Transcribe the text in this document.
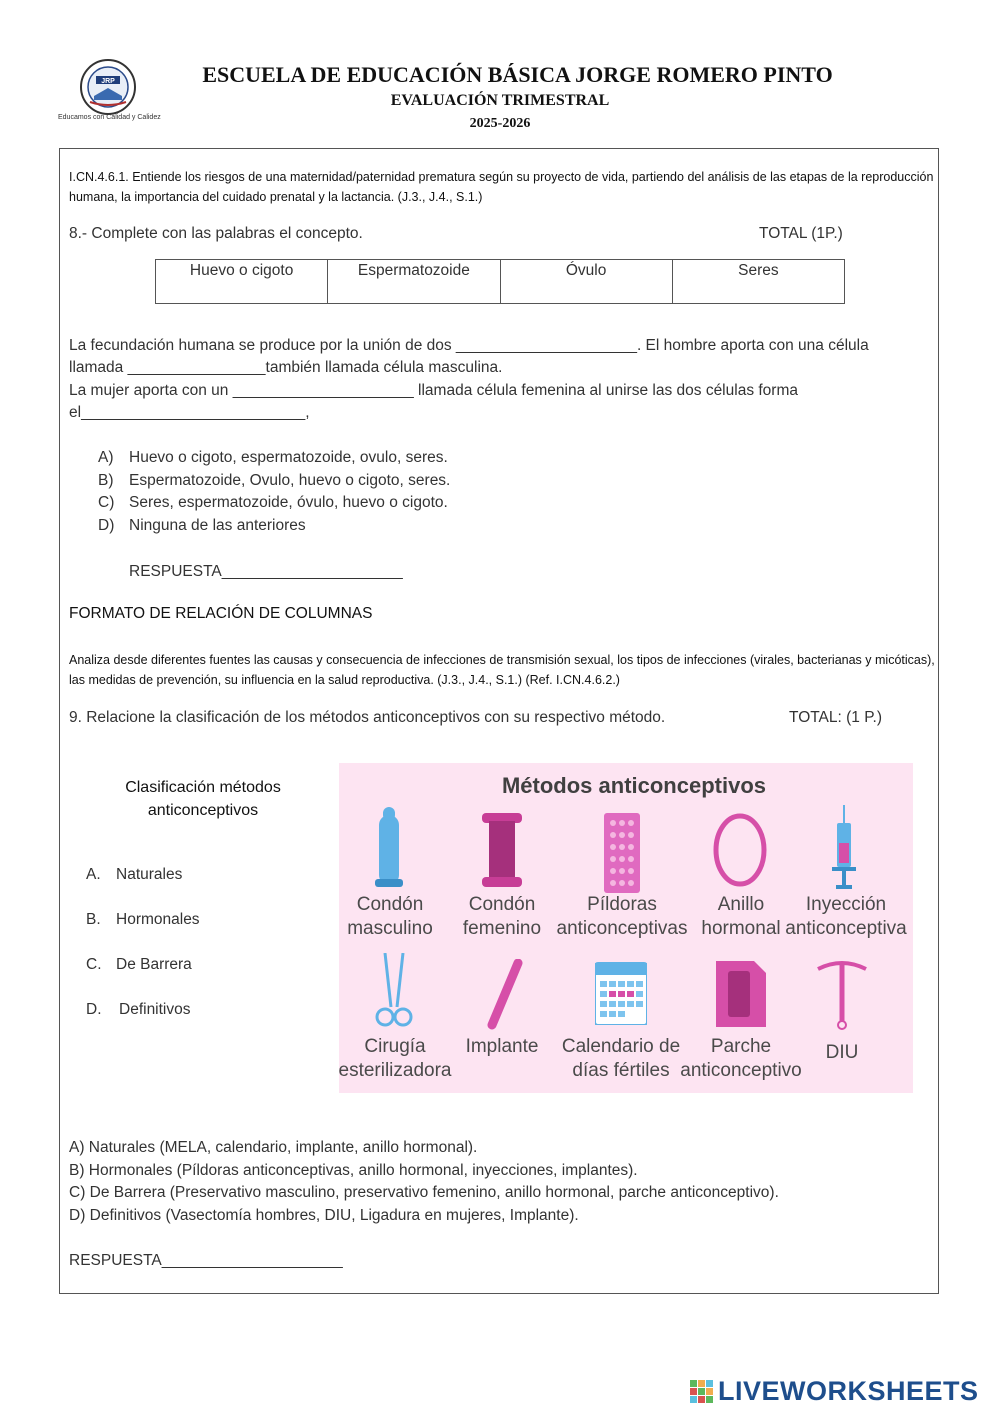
JRP
Educamos con Calidad y Calidez
ESCUELA DE EDUCACIÓN BÁSICA JORGE ROMERO PINTO
EVALUACIÓN TRIMESTRAL
2025-2026
I.CN.4.6.1. Entiende los riesgos de una maternidad/paternidad prematura según su proyecto de vida, partiendo del análisis de las etapas de la reproducción humana, la importancia del cuidado prenatal y la lactancia. (J.3., J.4., S.1.)
8.- Complete con las palabras el concepto.	TOTAL (1P.)
Huevo o cigoto	Espermatozoide	Óvulo	Seres
La fecundación humana se produce por la unión de dos _____________________. El hombre aporta con una célula
llamada ________________también llamada célula masculina.
La mujer aporta con un _____________________ llamada célula femenina al unirse las dos células forma
el__________________________,
A)	Huevo o cigoto, espermatozoide, ovulo, seres.
B)	Espermatozoide, Ovulo, huevo o cigoto, seres.
C) Seres, espermatozoide, óvulo, huevo o cigoto.
D) Ninguna de las anteriores
RESPUESTA_____________________
FORMATO DE RELACIÓN DE COLUMNAS
Analiza desde diferentes fuentes las causas y consecuencia de infecciones de transmisión sexual, los tipos de infecciones (virales, bacterianas y micóticas), las medidas de prevención, su influencia en la salud reproductiva. (J.3., J.4., S.1.) (Ref. I.CN.4.6.2.)
9. Relacione la clasificación de los métodos anticonceptivos con su respectivo método.	TOTAL: (1 P.)
Clasificación métodos anticonceptivos
A. Naturales
B. Hormonales
C. De Barrera
D. Definitivos
Métodos anticonceptivos
Condón masculino
Condón femenino
Píldoras anticonceptivas
Anillo hormonal
Inyección anticonceptiva
Cirugía esterilizadora
Implante	Calendario de días fértiles
Parche anticonceptivo
DIU
A) Naturales (MELA, calendario, implante, anillo hormonal).
B) Hormonales (Píldoras anticonceptivas, anillo hormonal, inyecciones, implantes).
C) De Barrera (Preservativo masculino, preservativo femenino, anillo hormonal, parche anticonceptivo).
D) Definitivos (Vasectomía hombres, DIU, Ligadura en mujeres, Implante).
RESPUESTA_____________________
LIVEWORKSHEETS
